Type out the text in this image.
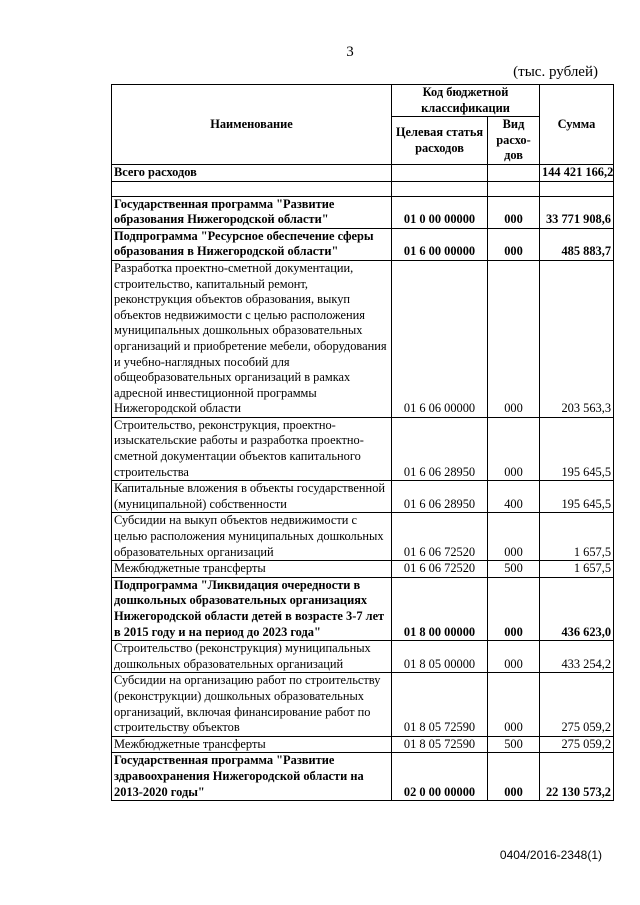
3
(тыс. рублей)
Наименование	Код бюджетной классификации		Сумма
	Целевая статья расходов	Вид расхо-дов	
Всего расходов			144 421 166,2

Государственная программа "Развитие образования Нижегородской области"	01 0 00 00000	000	33 771 908,6
Подпрограмма "Ресурсное обеспечение сферы образования в Нижегородской области"	01 6 00 00000	000	485 883,7
Разработка проектно-сметной документации, строительство, капитальный ремонт, реконструкция объектов образования, выкуп объектов недвижимости с целью расположения муниципальных дошкольных образовательных организаций и приобретение мебели, оборудования и учебно-наглядных пособий для общеобразовательных организаций в рамках адресной инвестиционной программы Нижегородской области	01 6 06 00000	000	203 563,3
Строительство, реконструкция, проектно-изыскательские работы и разработка проектно-сметной документации объектов капитального строительства	01 6 06 28950	000	195 645,5
Капитальные вложения в объекты государственной (муниципальной) собственности	01 6 06 28950	400	195 645,5
Субсидии на выкуп объектов недвижимости с целью расположения муниципальных дошкольных образовательных организаций	01 6 06 72520	000	1 657,5
Межбюджетные трансферты	01 6 06 72520	500	1 657,5
Подпрограмма "Ликвидация очередности в дошкольных образовательных организациях Нижегородской области детей в возрасте 3-7 лет в 2015 году и на период до 2023 года"	01 8 00 00000	000	436 623,0
Строительство (реконструкция) муниципальных дошкольных образовательных организаций	01 8 05 00000	000	433 254,2
Субсидии на организацию работ по строительству (реконструкции) дошкольных образовательных организаций, включая финансирование работ по строительству объектов	01 8 05 72590	000	275 059,2
Межбюджетные трансферты	01 8 05 72590	500	275 059,2
Государственная программа "Развитие здравоохранения Нижегородской области на 2013-2020 годы"	02 0 00 00000	000	22 130 573,2
0404/2016-2348(1)
